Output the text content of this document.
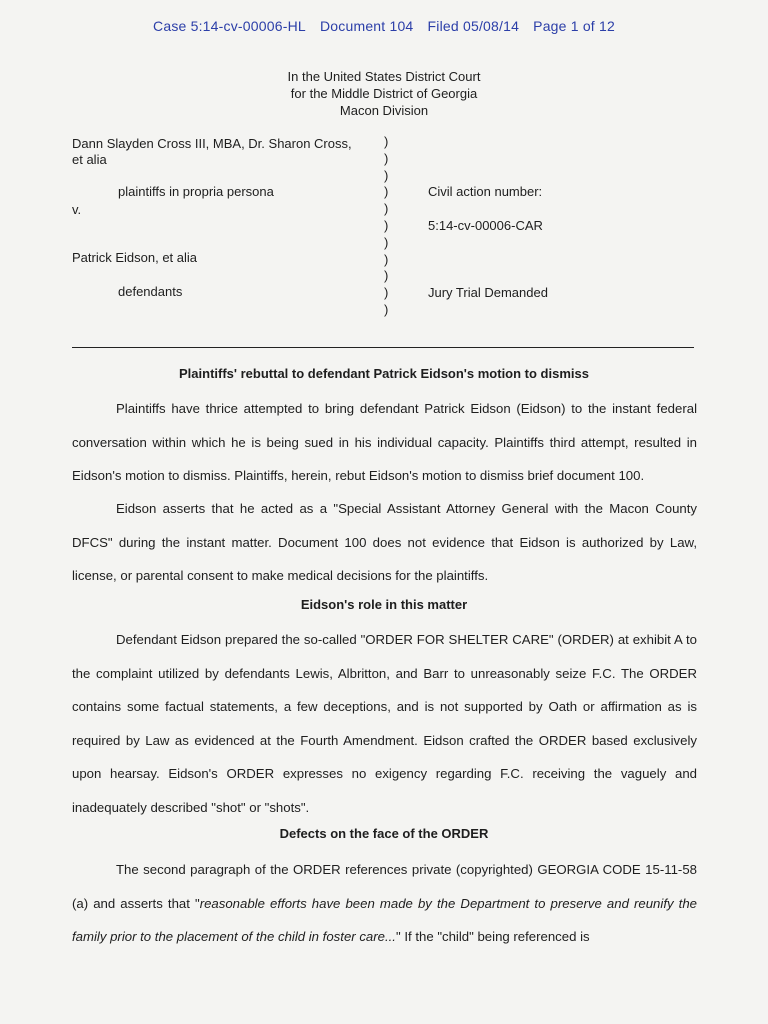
Case 5:14-cv-00006-HL Document 104 Filed 05/08/14 Page 1 of 12
In the United States District Court
for the Middle District of Georgia
Macon Division
Dann Slayden Cross III, MBA, Dr. Sharon Cross,
et alia
plaintiffs in propria persona
v.
Patrick Eidson, et alia
defendants
)
)
)
)
)
)
)
)
)
)
)
Civil action number:
5:14-cv-00006-CAR
Jury Trial Demanded
Plaintiffs' rebuttal to defendant Patrick Eidson's motion to dismiss

Plaintiffs have thrice attempted to bring defendant Patrick Eidson (Eidson) to the instant federal conversation within which he is being sued in his individual capacity. Plaintiffs third attempt, resulted in Eidson's motion to dismiss. Plaintiffs, herein, rebut Eidson's motion to dismiss brief document 100.

Eidson asserts that he acted as a "Special Assistant Attorney General with the Macon County DFCS" during the instant matter. Document 100 does not evidence that Eidson is authorized by Law, license, or parental consent to make medical decisions for the plaintiffs.

Eidson's role in this matter

Defendant Eidson prepared the so-called "ORDER FOR SHELTER CARE" (ORDER) at exhibit A to the complaint utilized by defendants Lewis, Albritton, and Barr to unreasonably seize F.C. The ORDER contains some factual statements, a few deceptions, and is not supported by Oath or affirmation as is required by Law as evidenced at the Fourth Amendment. Eidson crafted the ORDER based exclusively upon hearsay. Eidson's ORDER expresses no exigency regarding F.C. receiving the vaguely and inadequately described "shot" or "shots".

Defects on the face of the ORDER

The second paragraph of the ORDER references private (copyrighted) GEORGIA CODE 15-11-58 (a) and asserts that "reasonable efforts have been made by the Department to preserve and reunify the family prior to the placement of the child in foster care..." If the "child" being referenced is
